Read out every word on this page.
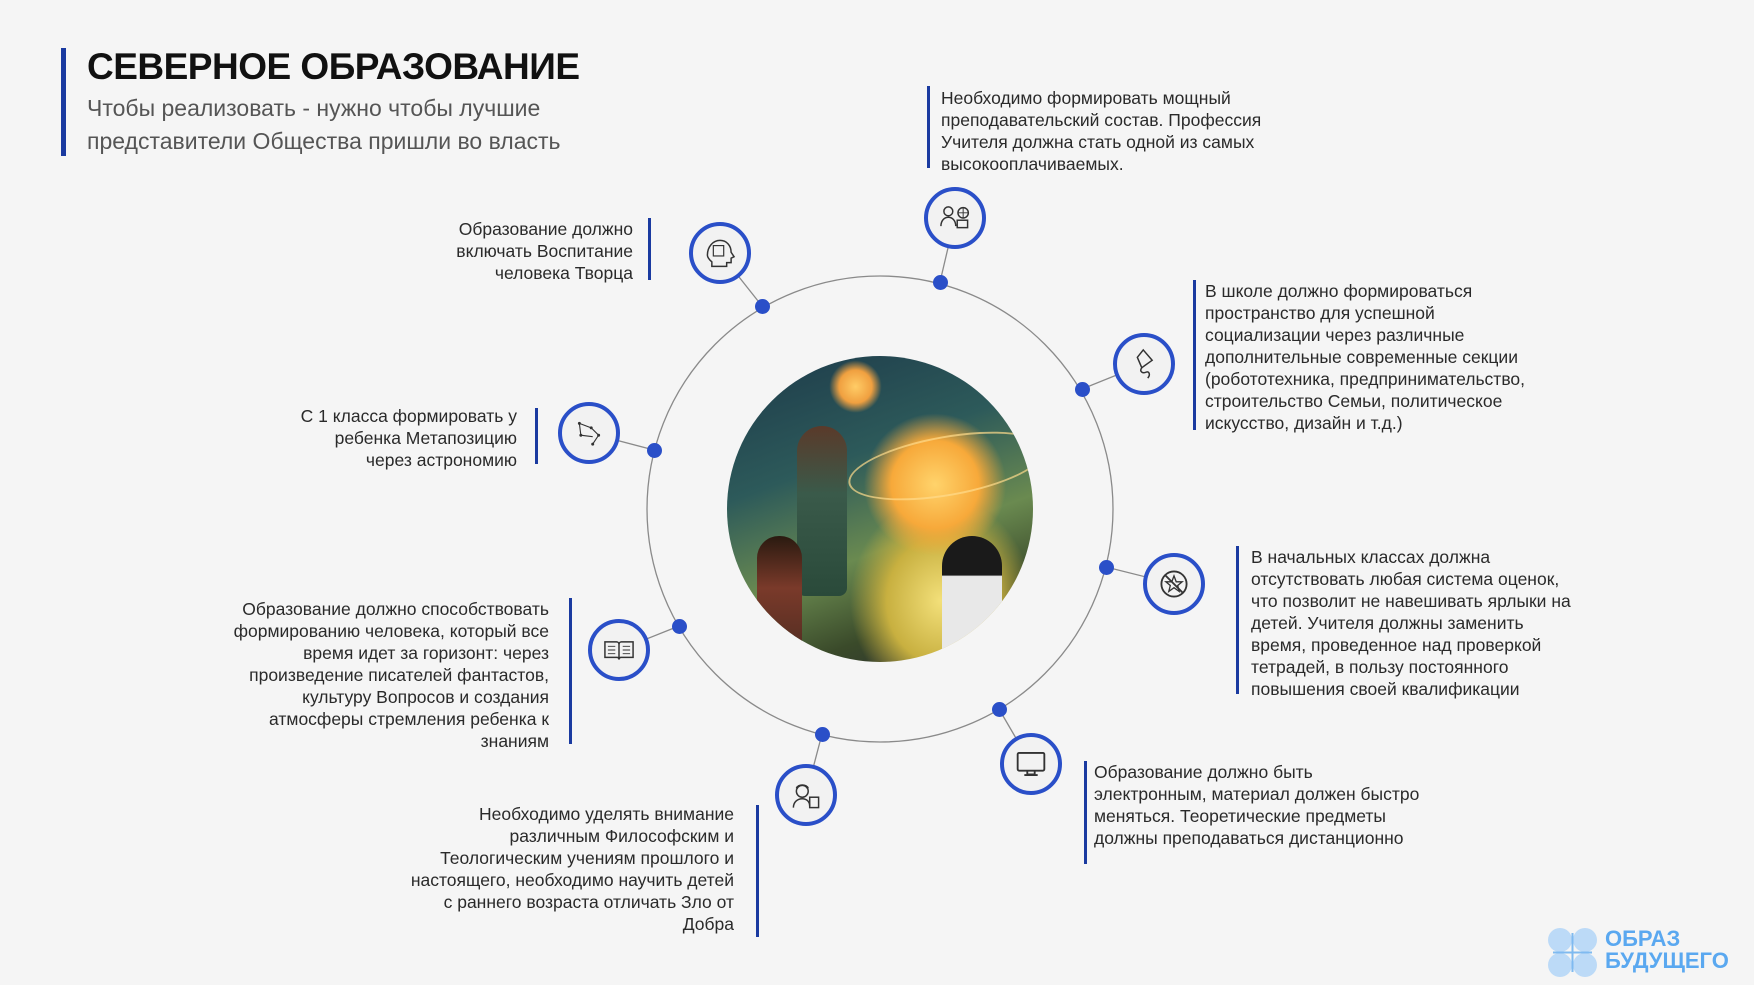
СЕВЕРНОЕ ОБРАЗОВАНИЕ
Чтобы реализовать - нужно чтобы лучшие
представители Общества пришли во власть
Образование должно
включать Воспитание
человека Творца
Необходимо формировать мощный
преподавательский состав. Профессия
Учителя должна стать одной из самых
высокооплачиваемых.
В школе должно формироваться
пространство для успешной
социализации через различные
дополнительные современные секции
(робототехника, предпринимательство,
строительство Семьи, политическое
искусство, дизайн и т.д.)
С 1 класса формировать у
ребенка Метапозицию
через астрономию
В начальных классах должна
отсутствовать любая система оценок,
что позволит не навешивать ярлыки на
детей. Учителя должны заменить
время, проведенное над проверкой
тетрадей, в пользу постоянного
повышения своей квалификации
Образование должно способствовать
формированию человека, который все
время идет за горизонт: через
произведение писателей фантастов,
культуру Вопросов и создания
атмосферы стремления ребенка к
знаниям
Образование должно быть
электронным, материал должен быстро
меняться. Теоретические предметы
должны преподаваться дистанционно
Необходимо уделять внимание
различным Философским и
Теологическим учениям прошлого и
настоящего, необходимо научить детей
с раннего возраста отличать Зло от
Добра
ОБРАЗ
БУДУЩЕГО
